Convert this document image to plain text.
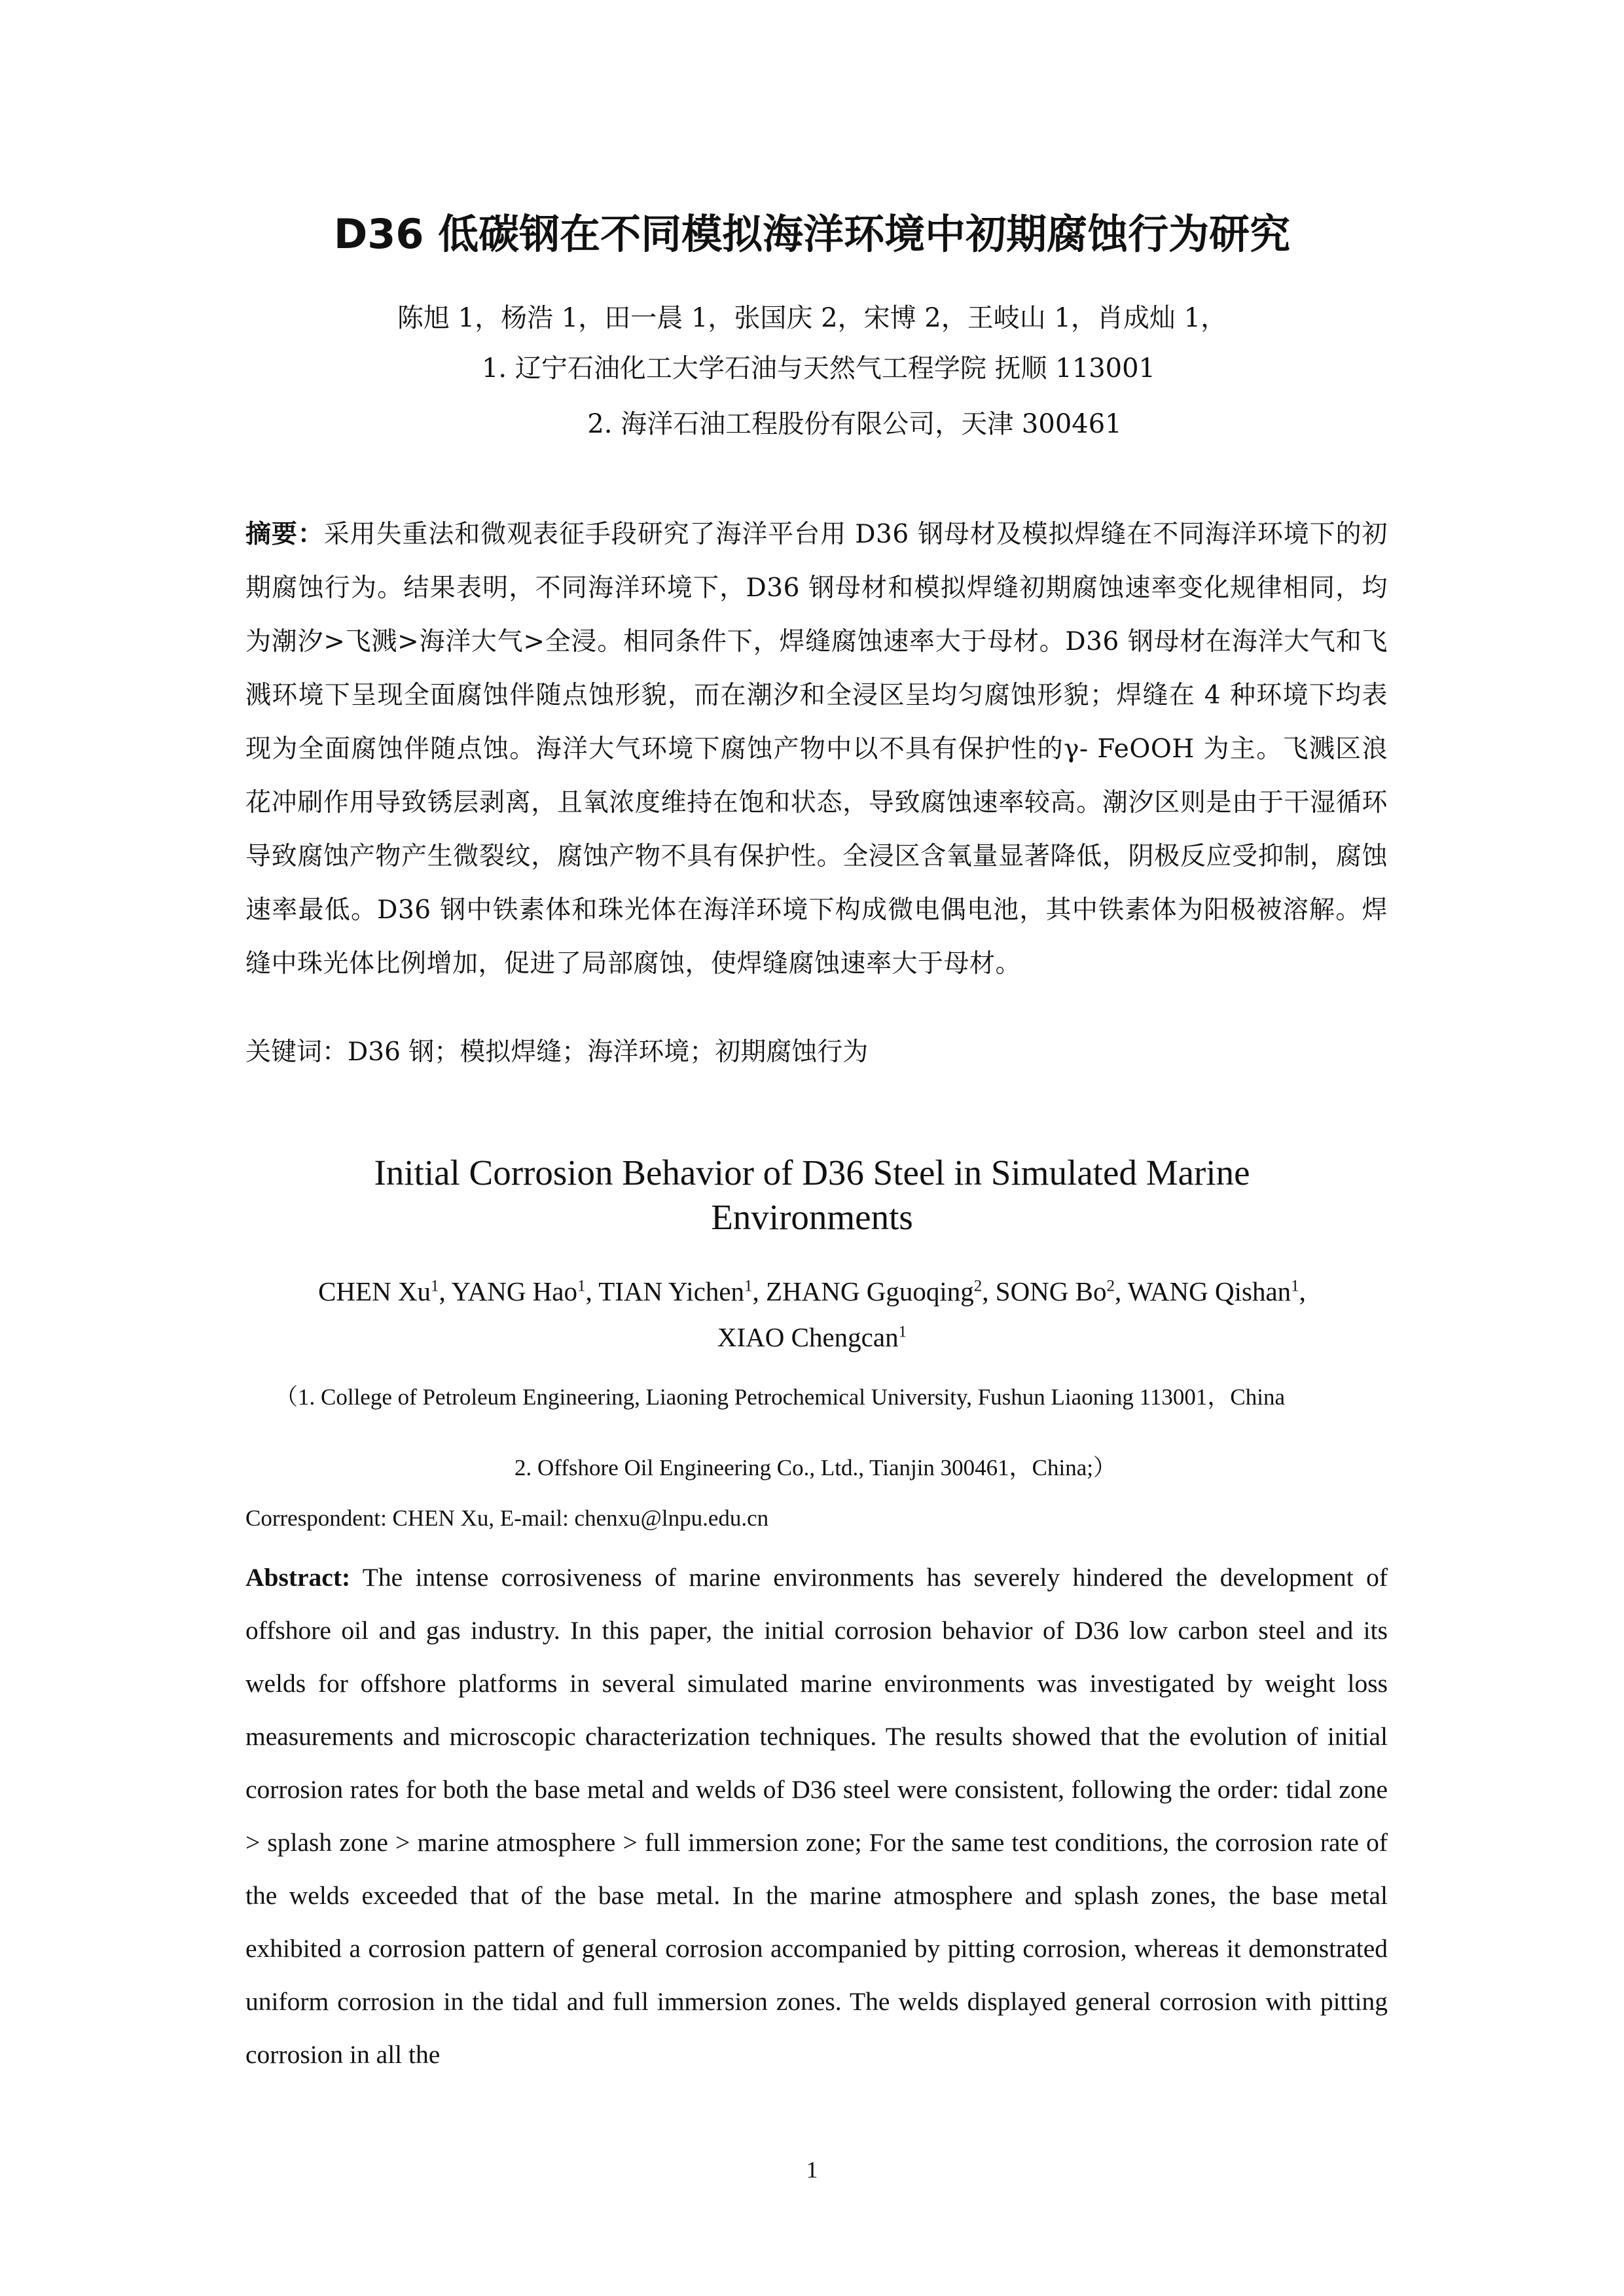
D36 低碳钢在不同模拟海洋环境中初期腐蚀行为研究
陈旭 1，杨浩 1，田一晨 1，张国庆 2，宋博 2，王岐山 1，肖成灿 1，
1. 辽宁石油化工大学石油与天然气工程学院 抚顺 113001
2. 海洋石油工程股份有限公司，天津 300461
摘要：采用失重法和微观表征手段研究了海洋平台用 D36 钢母材及模拟焊缝在不同海洋环境下的初期腐蚀行为。结果表明，不同海洋环境下，D36 钢母材和模拟焊缝初期腐蚀速率变化规律相同，均为潮汐>飞溅>海洋大气>全浸。相同条件下，焊缝腐蚀速率大于母材。D36 钢母材在海洋大气和飞溅环境下呈现全面腐蚀伴随点蚀形貌，而在潮汐和全浸区呈均匀腐蚀形貌；焊缝在 4 种环境下均表现为全面腐蚀伴随点蚀。海洋大气环境下腐蚀产物中以不具有保护性的γ- FeOOH 为主。飞溅区浪花冲刷作用导致锈层剥离，且氧浓度维持在饱和状态，导致腐蚀速率较高。潮汐区则是由于干湿循环导致腐蚀产物产生微裂纹，腐蚀产物不具有保护性。全浸区含氧量显著降低，阴极反应受抑制，腐蚀速率最低。D36 钢中铁素体和珠光体在海洋环境下构成微电偶电池，其中铁素体为阳极被溶解。焊缝中珠光体比例增加，促进了局部腐蚀，使焊缝腐蚀速率大于母材。
关键词：D36 钢；模拟焊缝；海洋环境；初期腐蚀行为
Initial Corrosion Behavior of D36 Steel in Simulated Marine
Environments
CHEN Xu$^1$, YANG Hao$^1$, TIAN Yichen$^1$, ZHANG Gguoqing$^2$, SONG Bo$^2$, WANG Qishan$^1$,
XIAO Chengcan$^1$
（1. College of Petroleum Engineering, Liaoning Petrochemical University, Fushun Liaoning 113001，China
2. Offshore Oil Engineering Co., Ltd., Tianjin 300461，China;）
Correspondent: CHEN Xu, E-mail: chenxu@lnpu.edu.cn
Abstract: The intense corrosiveness of marine environments has severely hindered the development of offshore oil and gas industry. In this paper, the initial corrosion behavior of D36 low carbon steel and its welds for offshore platforms in several simulated marine environments was investigated by weight loss measurements and microscopic characterization techniques. The results showed that the evolution of initial corrosion rates for both the base metal and welds of D36 steel were consistent, following the order: tidal zone > splash zone > marine atmosphere > full immersion zone; For the same test conditions, the corrosion rate of the welds exceeded that of the base metal. In the marine atmosphere and splash zones, the base metal exhibited a corrosion pattern of general corrosion accompanied by pitting corrosion, whereas it demonstrated uniform corrosion in the tidal and full immersion zones. The welds displayed general corrosion with pitting corrosion in all the
1
